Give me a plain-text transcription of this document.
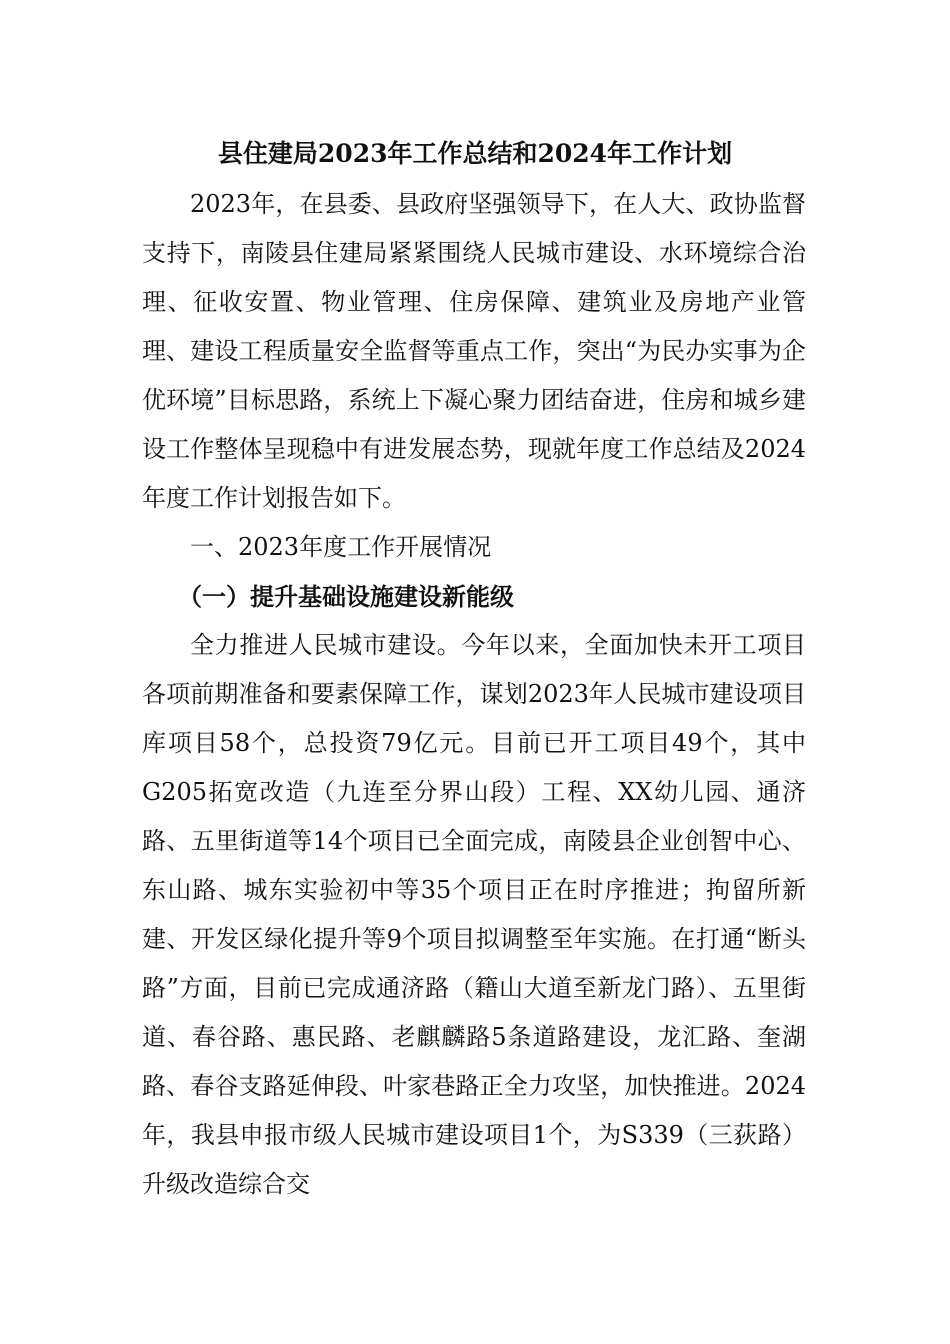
县住建局2023年工作总结和2024年工作计划

2023年，在县委、县政府坚强领导下，在人大、政协监督支持下，南陵县住建局紧紧围绕人民城市建设、水环境综合治理、征收安置、物业管理、住房保障、建筑业及房地产业管理、建设工程质量安全监督等重点工作，突出“为民办实事为企优环境”目标思路，系统上下凝心聚力团结奋进，住房和城乡建设工作整体呈现稳中有进发展态势，现就年度工作总结及2024年度工作计划报告如下。

一、2023年度工作开展情况

（一）提升基础设施建设新能级

全力推进人民城市建设。今年以来，全面加快未开工项目各项前期准备和要素保障工作，谋划2023年人民城市建设项目库项目58个，总投资79亿元。目前已开工项目49个，其中G205拓宽改造（九连至分界山段）工程、XX幼儿园、通济路、五里街道等14个项目已全面完成，南陵县企业创智中心、东山路、城东实验初中等35个项目正在时序推进；拘留所新建、开发区绿化提升等9个项目拟调整至年实施。在打通“断头路”方面，目前已完成通济路（籍山大道至新龙门路）、五里街道、春谷路、惠民路、老麒麟路5条道路建设，龙汇路、奎湖路、春谷支路延伸段、叶家巷路正全力攻坚，加快推进。2024年，我县申报市级人民城市建设项目1个，为S339（三荻路）升级改造综合交
